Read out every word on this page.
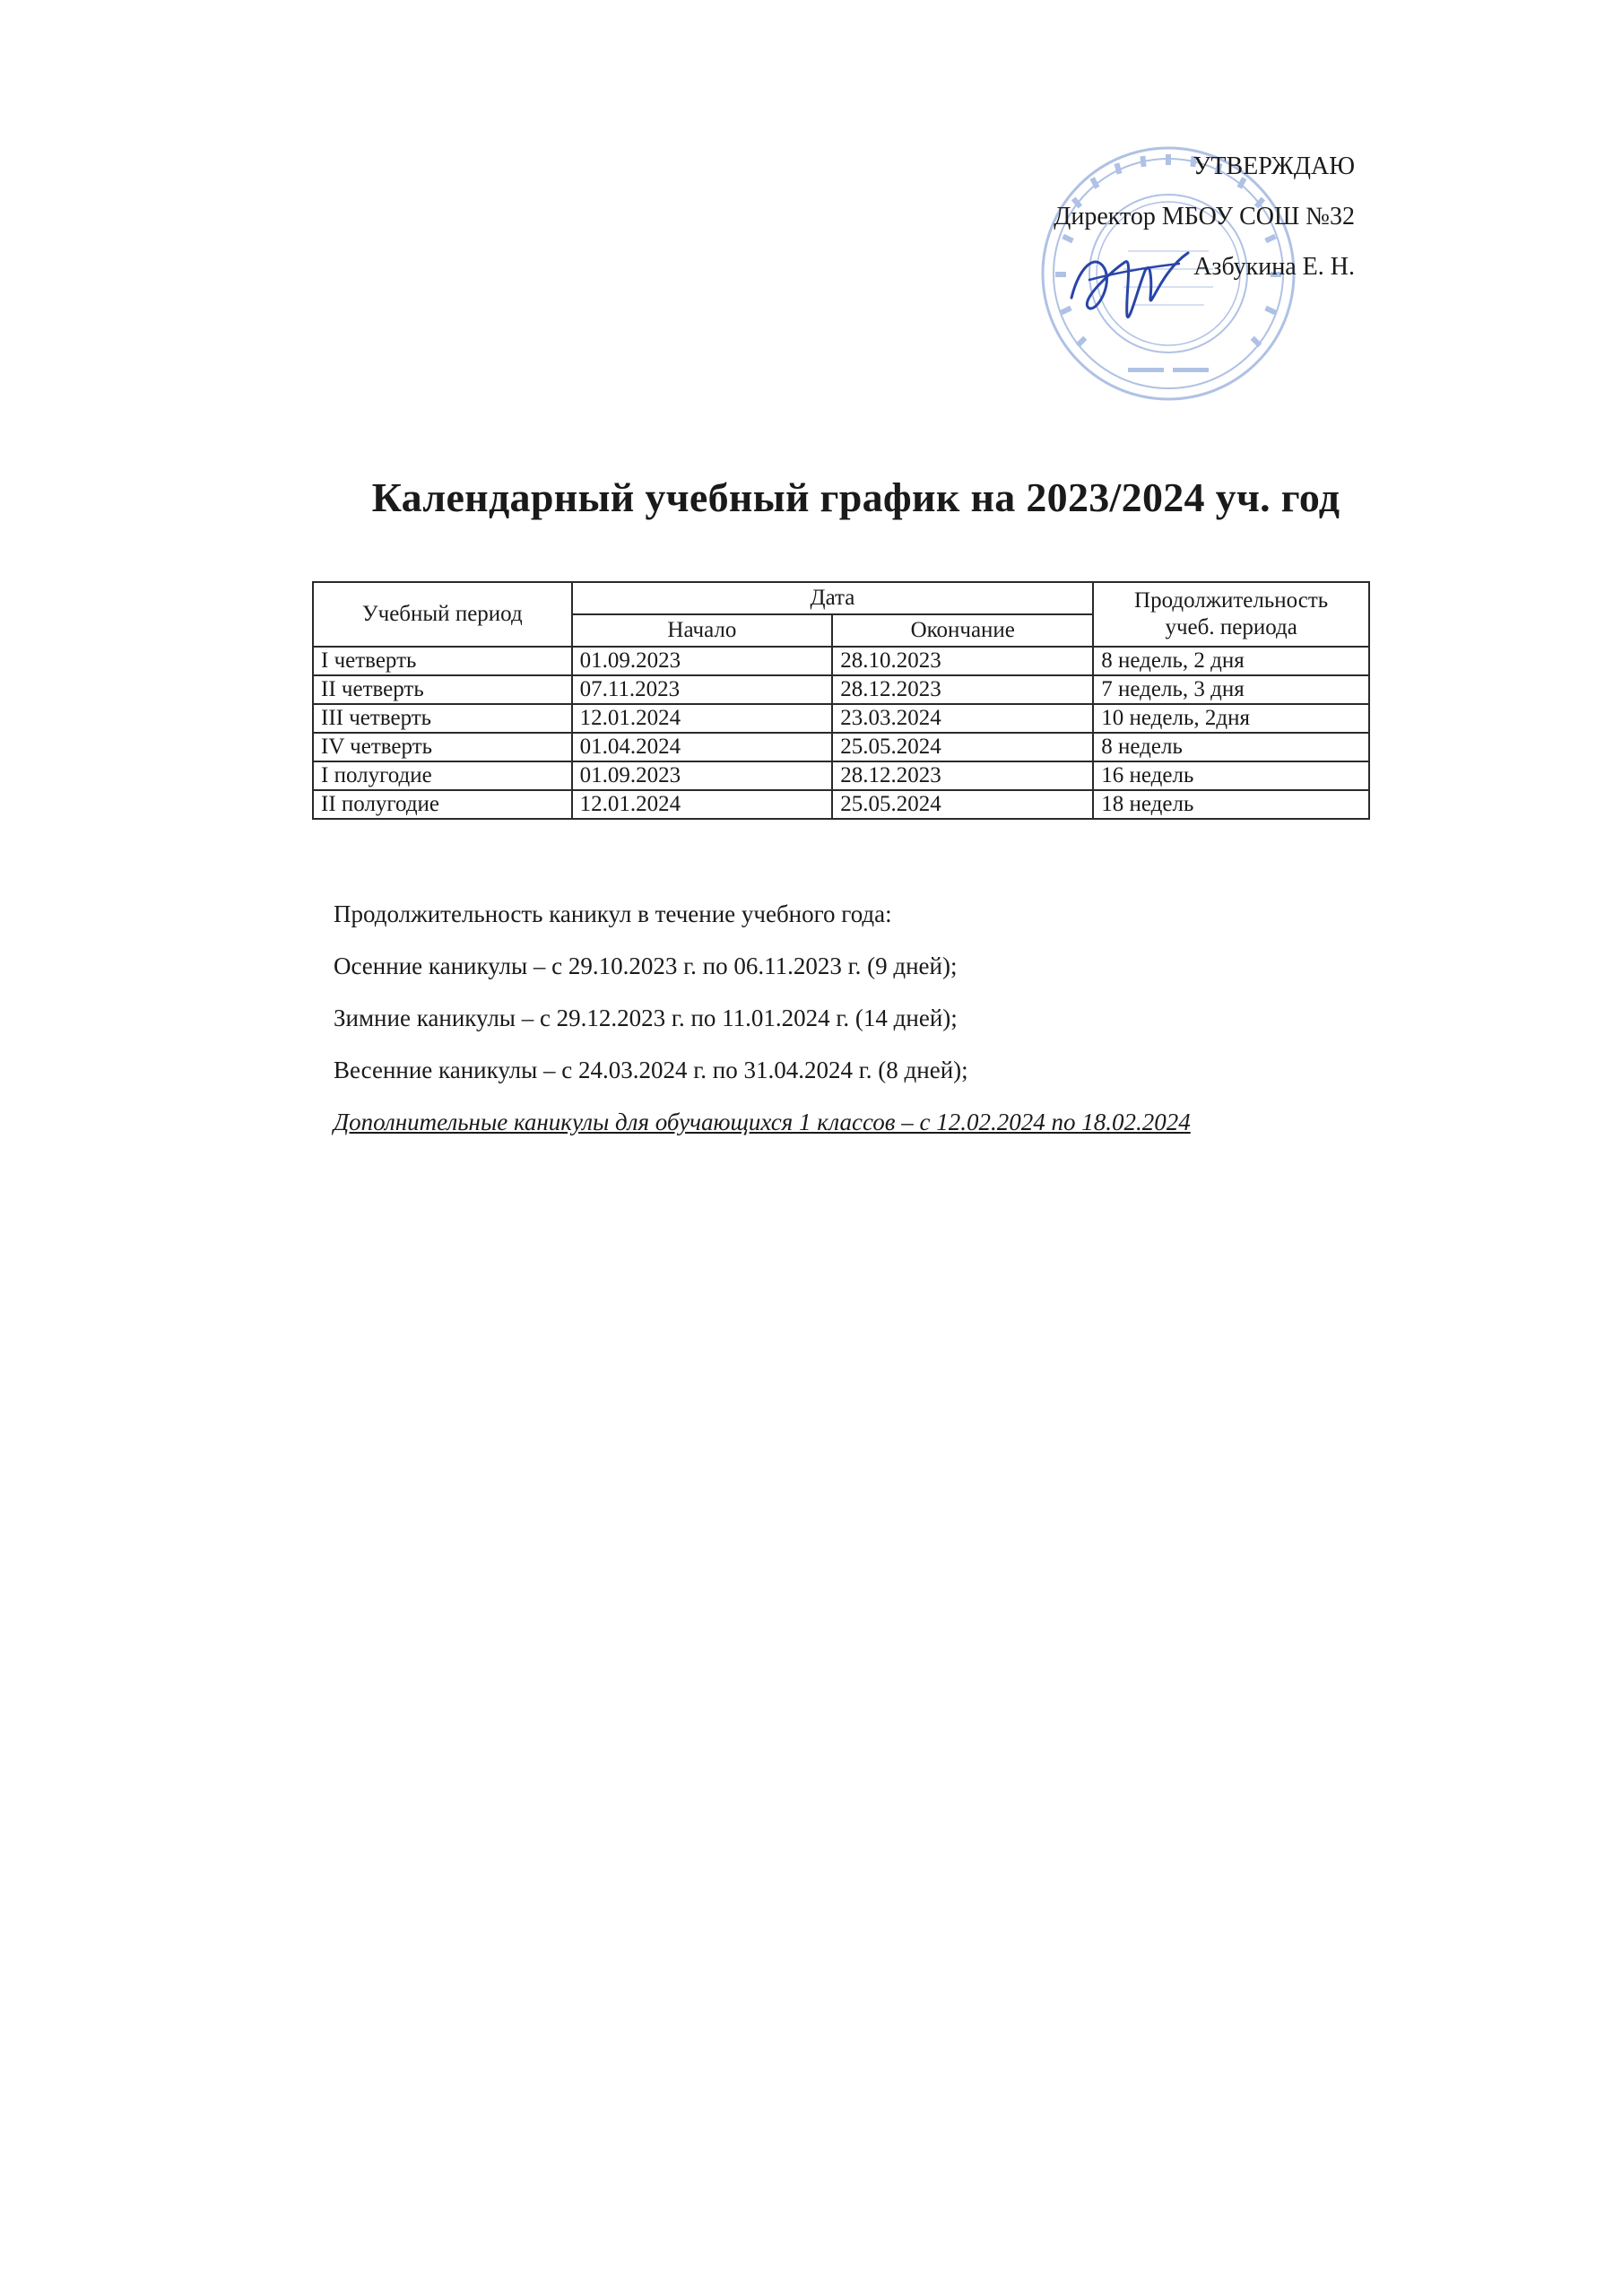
УТВЕРЖДАЮ
Директор МБОУ СОШ №32
Азбукина Е. Н.
Календарный учебный график на 2023/2024 уч. год
Учебный период	Дата		Продолжительность
учеб. периода
	Начало	Окончание	
I четверть	01.09.2023	28.10.2023	8 недель, 2 дня
II четверть	07.11.2023	28.12.2023	7 недель, 3 дня
III четверть	12.01.2024	23.03.2024	10 недель, 2дня
IV четверть	01.04.2024	25.05.2024	8 недель
I полугодие	01.09.2023	28.12.2023	16 недель
II полугодие	12.01.2024	25.05.2024	18 недель
Продолжительность каникул в течение учебного года:
Осенние каникулы – с 29.10.2023 г. по 06.11.2023 г. (9 дней);
Зимние каникулы – с 29.12.2023 г. по 11.01.2024 г. (14 дней);
Весенние каникулы – с 24.03.2024 г. по 31.04.2024 г. (8 дней);
Дополнительные каникулы для обучающихся 1 классов – с 12.02.2024 по 18.02.2024
